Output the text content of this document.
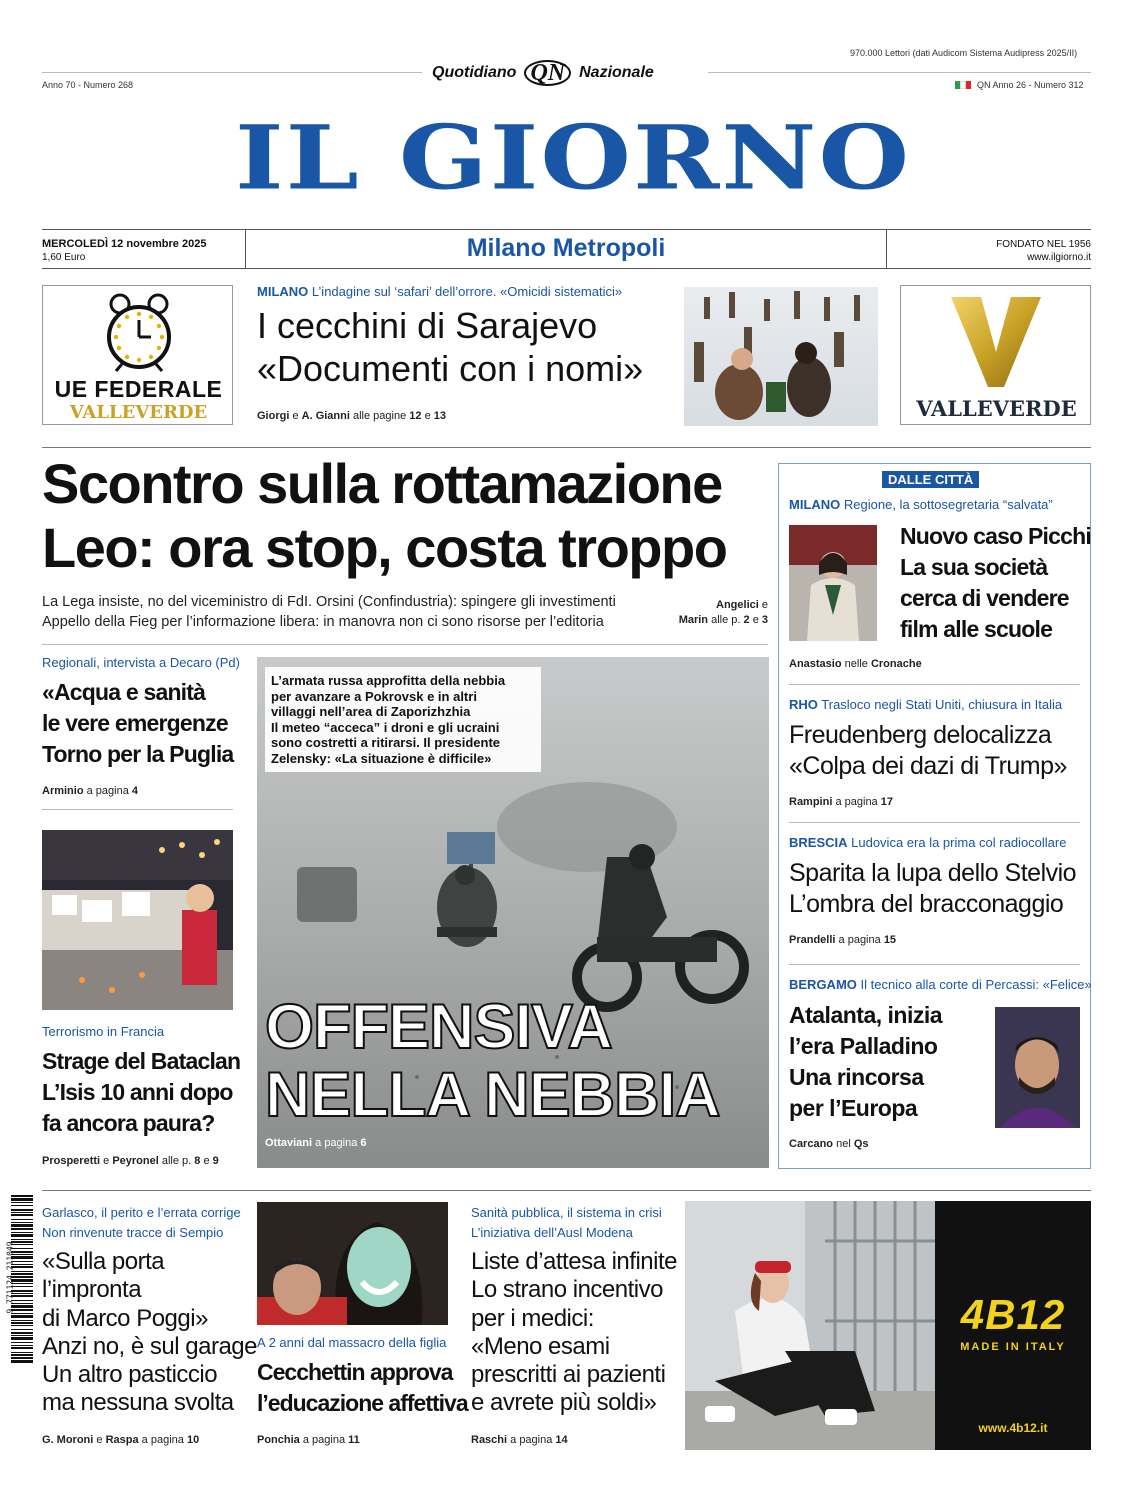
970.000 Lettori (dati Audicom Sistema Audipress 2025/II)
Anno 70 - Numero 268	QN Anno 26 - Numero 312
Quotidiano QN Nazionale
IL GIORNO
MERCOLEDÌ 12 novembre 2025
1,60 Euro	Milano Metropoli	FONDATO NEL 1956
www.ilgiorno.it
UE FEDERALE
VALLEVERDE
MILANO L’indagine sul ‘safari’ dell’orrore. «Omicidi sistematici»
I cecchini di Sarajevo
«Documenti con i nomi»
Giorgi e A. Gianni alle pagine 12 e 13	VALLEVERDE
Scontro sulla rottamazione
Leo: ora stop, costa troppo
La Lega insiste, no del viceministro di FdI. Orsini (Confindustria): spingere gli investimenti
Appello della Fieg per l’informazione libera: in manovra non ci sono risorse per l’editoria
Angelici e
Marin alle p. 2 e 3
Regionali, intervista a Decaro (Pd)
«Acqua e sanità
le vere emergenze
Torno per la Puglia
Arminio a pagina 4
Terrorismo in Francia
Strage del Bataclan
L’Isis 10 anni dopo
fa ancora paura?
Prosperetti e Peyronel alle p. 8 e 9
L’armata russa approfitta della nebbia
per avanzare a Pokrovsk e in altri
villaggi nell’area di Zaporizhzhia
Il meteo “acceca” i droni e gli ucraini
sono costretti a ritirarsi. Il presidente
Zelensky: «La situazione è difficile»
OFFENSIVA
NELLA NEBBIA
Ottaviani a pagina 6
DALLE CITTÀ
MILANO Regione, la sottosegretaria “salvata”
Nuovo caso Picchi
La sua società
cerca di vendere
film alle scuole
Anastasio nelle Cronache
RHO Trasloco negli Stati Uniti, chiusura in Italia
Freudenberg delocalizza
«Colpa dei dazi di Trump»
Rampini a pagina 17
BRESCIA Ludovica era la prima col radiocollare
Sparita la lupa dello Stelvio
L’ombra del bracconaggio
Prandelli a pagina 15
BERGAMO Il tecnico alla corte di Percassi: «Felice»
Atalanta, inizia
l’era Palladino
Una rincorsa
per l’Europa
Carcano nel Qs
9 771124 211049
Garlasco, il perito e l’errata corrige
Non rinvenute tracce di Sempio
«Sulla porta
l’impronta
di Marco Poggi»
Anzi no, è sul garage
Un altro pasticcio
ma nessuna svolta
G. Moroni e Raspa a pagina 10
A 2 anni dal massacro della figlia
Cecchettin approva
l’educazione affettiva
Ponchia a pagina 11
Sanità pubblica, il sistema in crisi
L’iniziativa dell’Ausl Modena
Liste d’attesa infinite
Lo strano incentivo
per i medici:
«Meno esami
prescritti ai pazienti
e avrete più soldi»
Raschi a pagina 14
4B12
MADE IN ITALY
www.4b12.it
